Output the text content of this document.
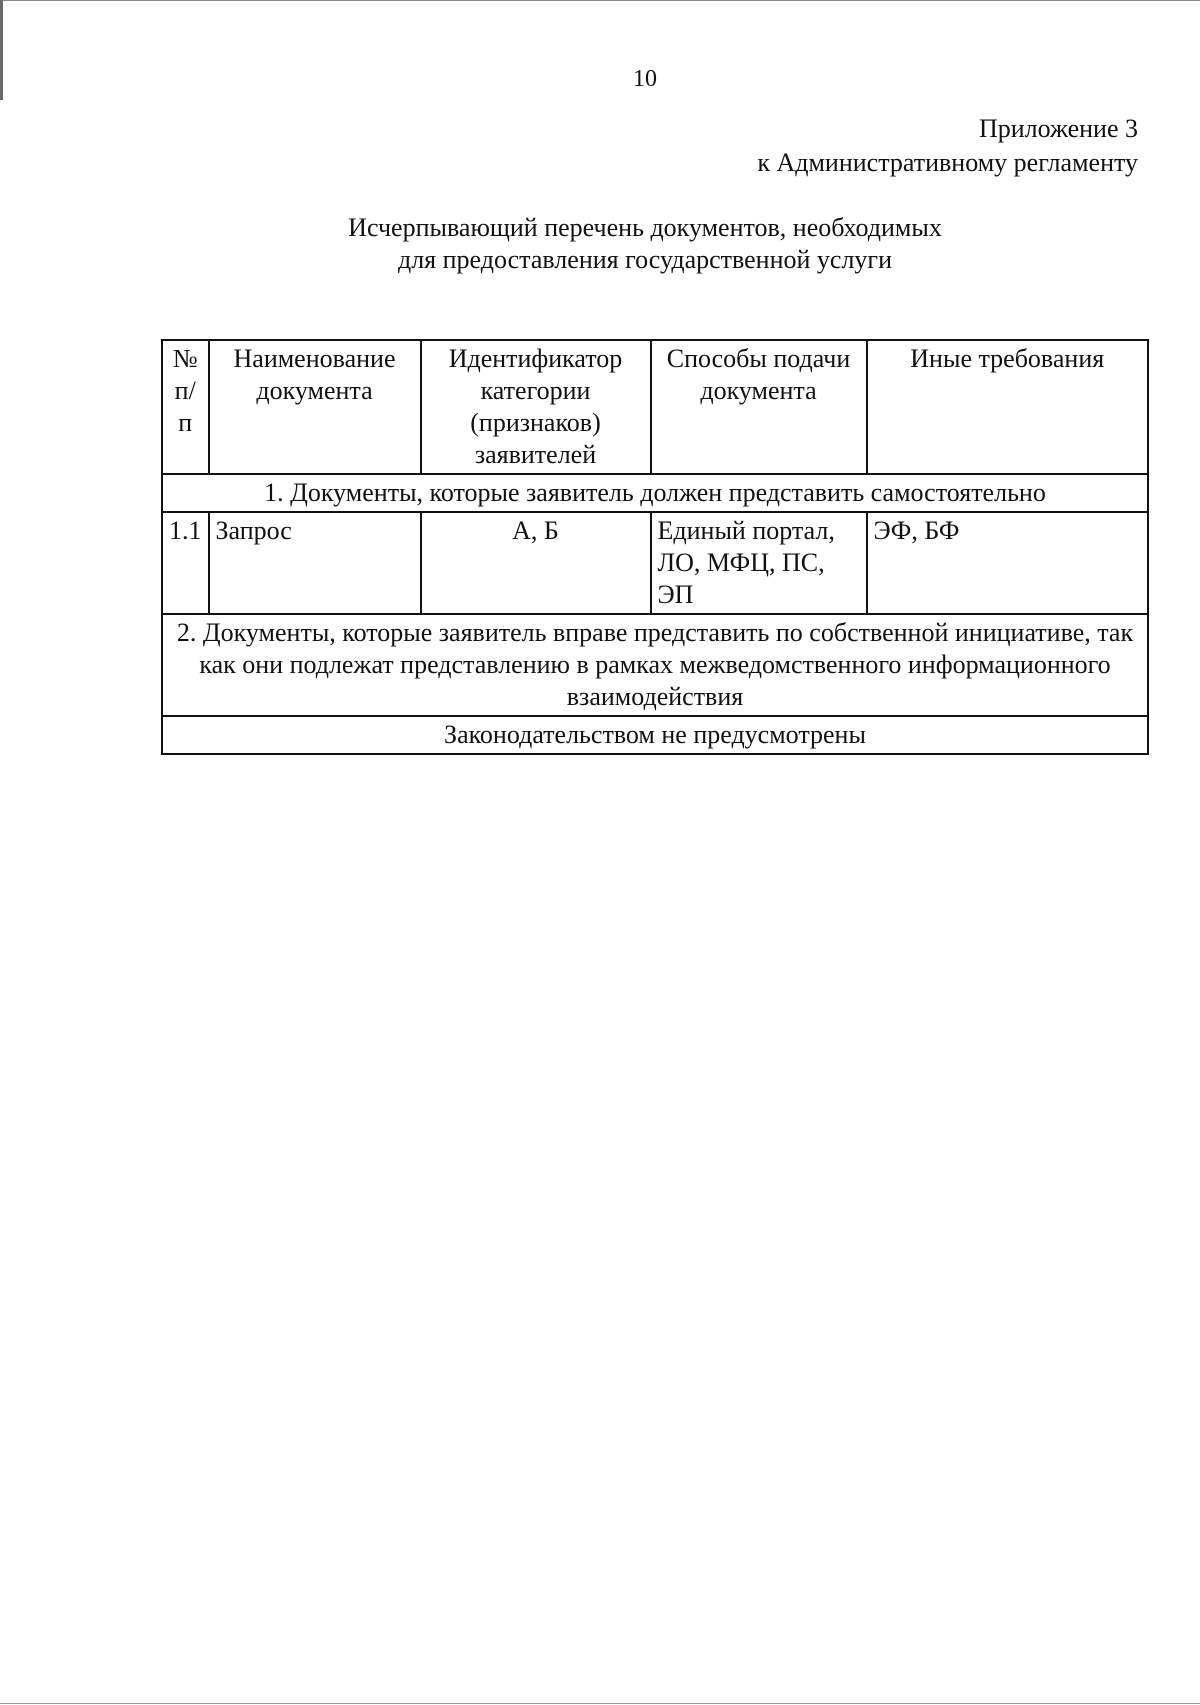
10
Приложение 3
к Административному регламенту
Исчерпывающий перечень документов, необходимых
для предоставления государственной услуги
№ п/п	Наименование документа	Идентификатор категории (признаков) заявителей	Способы подачи документа	Иные требования
1. Документы, которые заявитель должен представить самостоятельно				
1.1	Запрос	А, Б	Единый портал, ЛО, МФЦ, ПС, ЭП	ЭФ, БФ
2. Документы, которые заявитель вправе представить по собственной инициативе, так как они подлежат представлению в рамках межведомственного информационного взаимодействия				
Законодательством не предусмотрены				
